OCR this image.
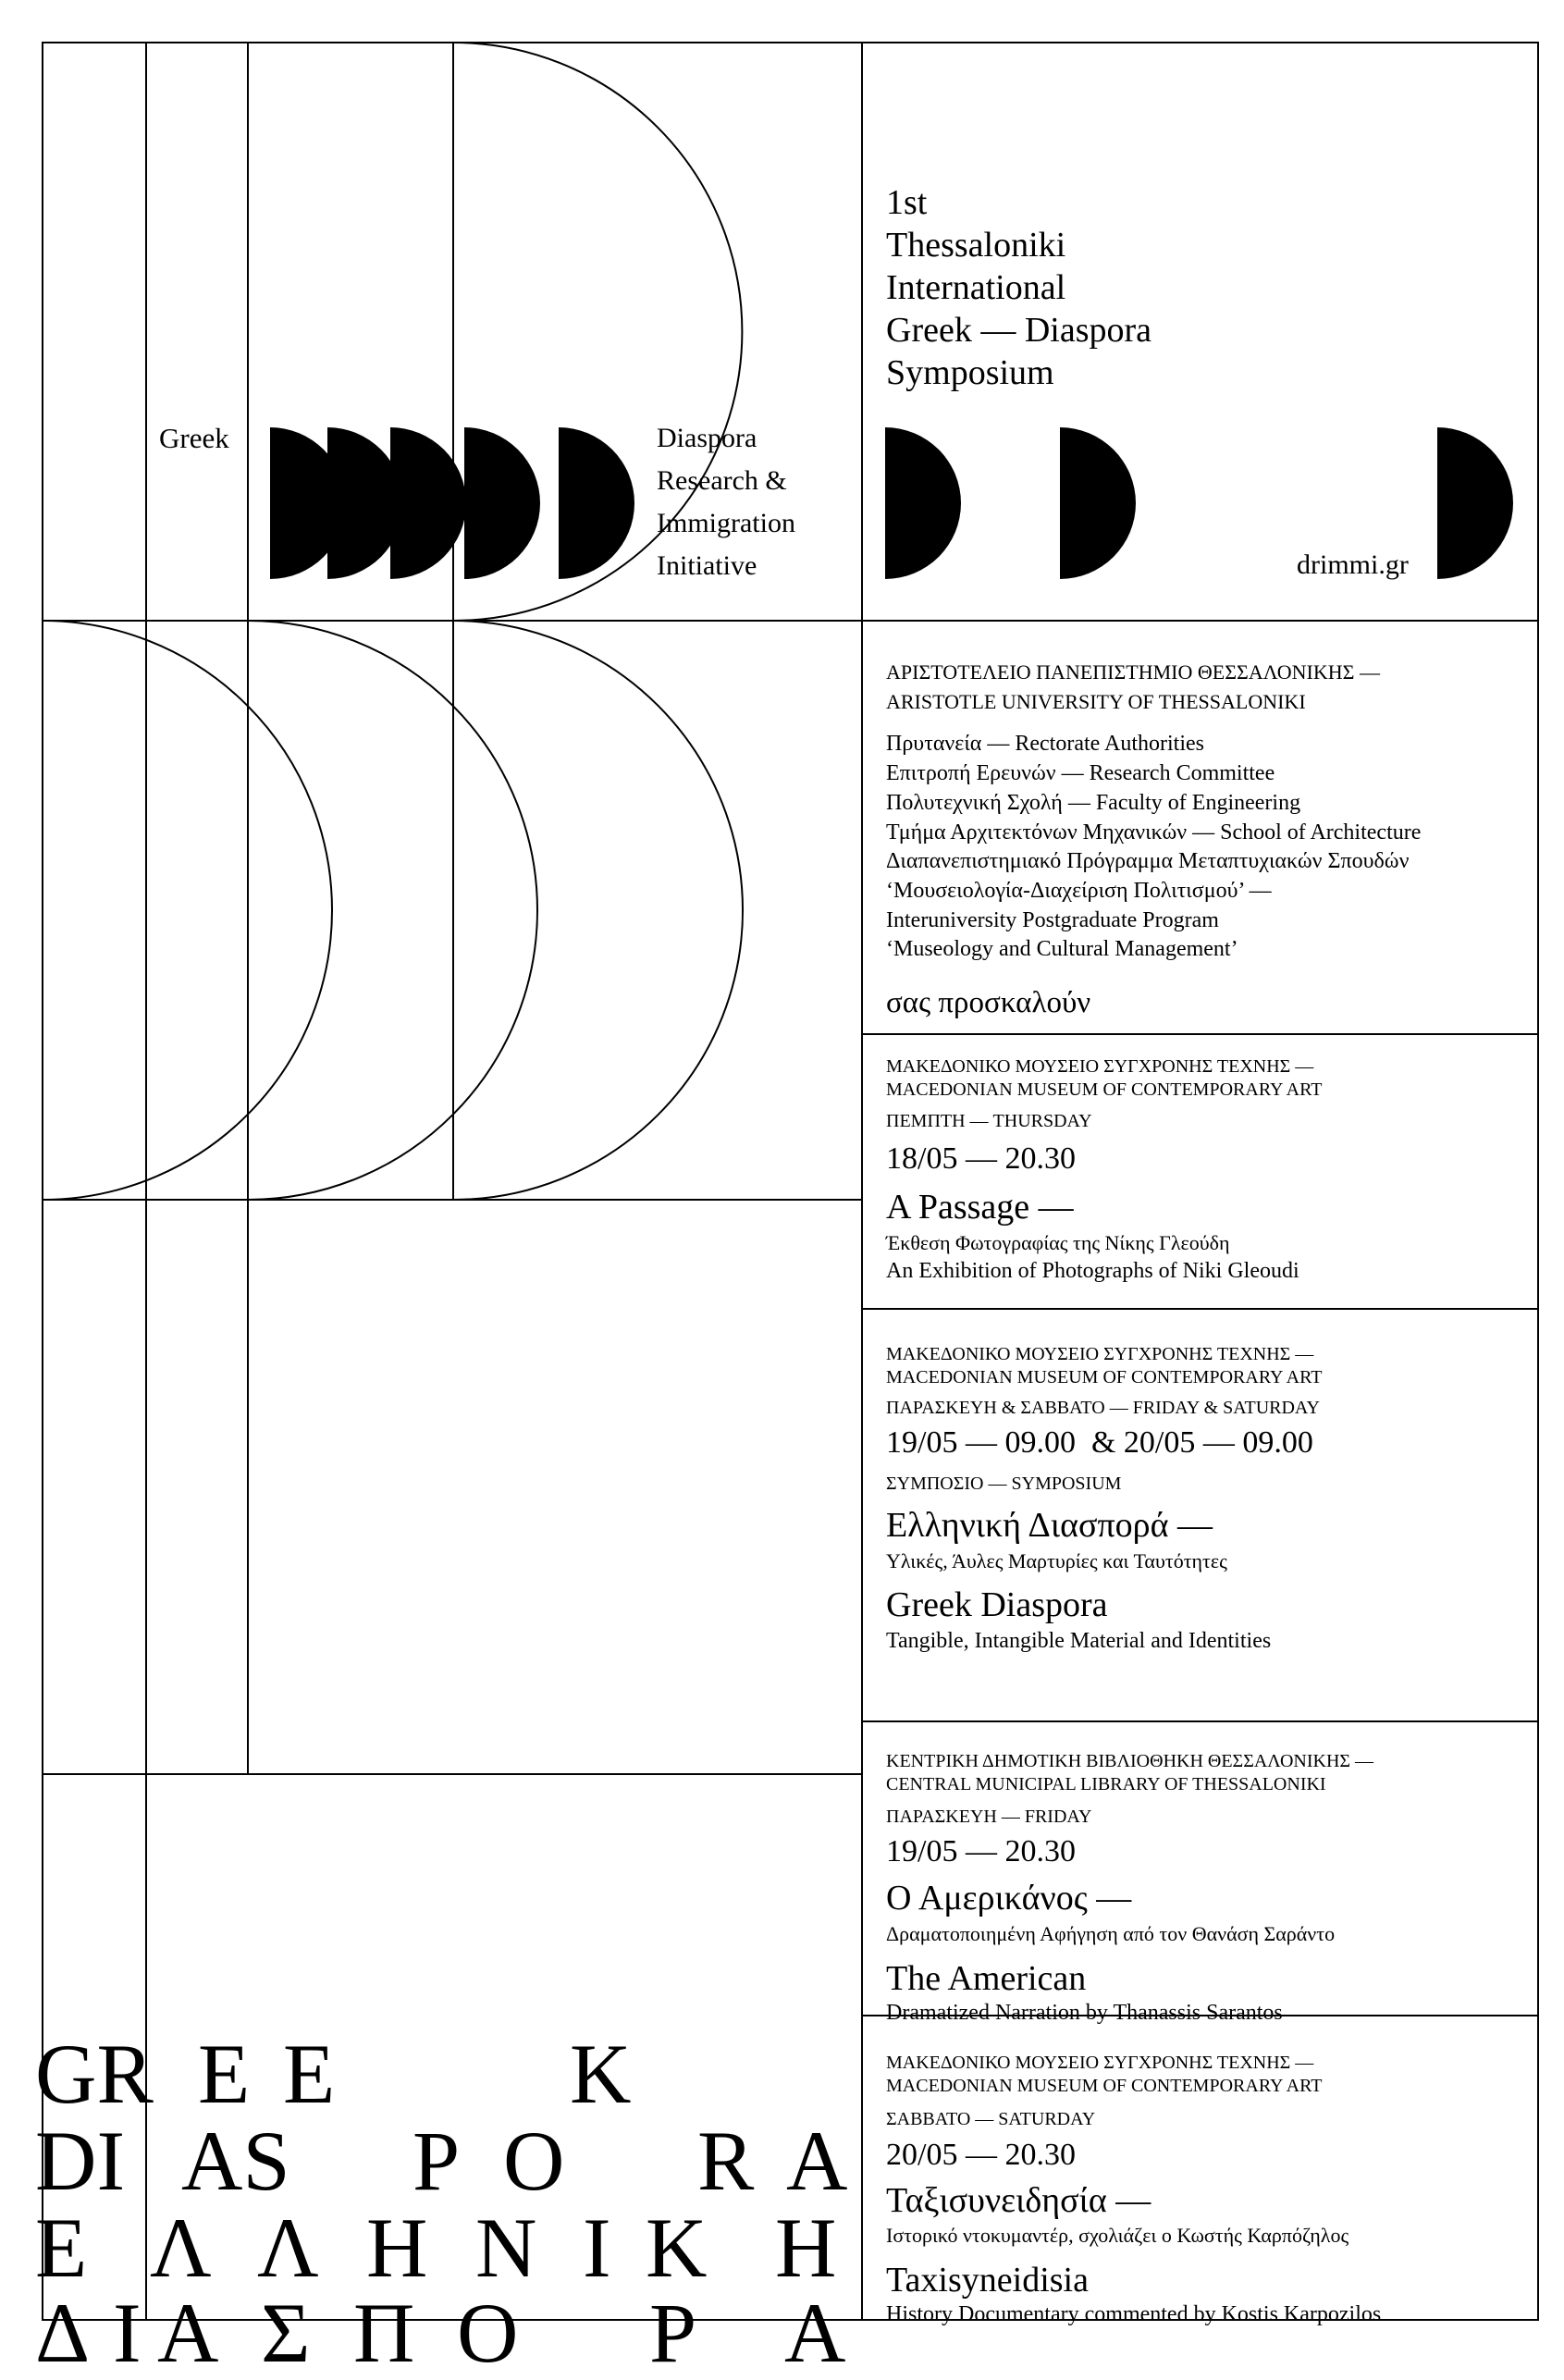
1st
Thessaloniki
International
Greek — Diaspora
Symposium
Greek	Diaspora
Research &
Immigration
Initiative	drimmi.gr
ΑΡΙΣΤΟΤΕΛΕΙΟ ΠΑΝΕΠΙΣΤΗΜΙΟ ΘΕΣΣΑΛΟΝΙΚΗΣ —
ARISTOTLE UNIVERSITY OF THESSALONIKI
Πρυτανεία — Rectorate Authorities
Επιτροπή Ερευνών — Research Committee
Πολυτεχνική Σχολή — Faculty of Engineering
Τμήμα Αρχιτεκτόνων Μηχανικών — School of Architecture
Διαπανεπιστημιακό Πρόγραμμα Μεταπτυχιακών Σπουδών
‘Μουσειολογία-Διαχείριση Πολιτισμού’ —
Interuniversity Postgraduate Program
‘Museology and Cultural Management’
σας προσκαλούν
ΜΑΚΕΔΟΝΙΚΟ ΜΟΥΣΕΙΟ ΣΥΓΧΡΟΝΗΣ ΤΕΧΝΗΣ —
MACEDONIAN MUSEUM OF CONTEMPORARY ART
ΠΕΜΠΤΗ — THURSDAY
18/05 — 20.30
A Passage —
Έκθεση Φωτογραφίας της Νίκης Γλεούδη
An Exhibition of Photographs of Niki Gleoudi
ΜΑΚΕΔΟΝΙΚΟ ΜΟΥΣΕΙΟ ΣΥΓΧΡΟΝΗΣ ΤΕΧΝΗΣ —
MACEDONIAN MUSEUM OF CONTEMPORARY ART
ΠΑΡΑΣΚΕΥΗ & ΣΑΒΒΑΤΟ — FRIDAY & SATURDAY
19/05 — 09.00  & 20/05 — 09.00
ΣΥΜΠΟΣΙΟ — SYMPOSIUM
Ελληνική Διασπορά —
Υλικές, Άυλες Μαρτυρίες και Ταυτότητες
Greek Diaspora
Tangible, Intangible Material and Identities
ΚΕΝΤΡΙΚΗ ΔΗΜΟΤΙΚΗ ΒΙΒΛΙΟΘΗΚΗ ΘΕΣΣΑΛΟΝΙΚΗΣ —
CENTRAL MUNICIPAL LIBRARY OF THESSALONIKI
ΠΑΡΑΣΚΕΥΗ — FRIDAY
19/05 — 20.30
Ο Αμερικάνος —
Δραματοποιημένη Αφήγηση από τον Θανάση Σαράντο
The American
Dramatized Narration by Thanassis Sarantos
ΜΑΚΕΔΟΝΙΚΟ ΜΟΥΣΕΙΟ ΣΥΓΧΡΟΝΗΣ ΤΕΧΝΗΣ —
MACEDONIAN MUSEUM OF CONTEMPORARY ART
ΣΑΒΒΑΤΟ — SATURDAY
20/05 — 20.30
Ταξισυνειδησία —
Ιστορικό ντοκυμαντέρ, σχολιάζει ο Κωστής Καρπόζηλος
Taxisyneidisia
History Documentary commented by Kostis Karpozilos
GR E E	K
DI AS P O R A
Ε Λ Λ Η Ν Ι Κ Η
Δ Ι Α Σ Π Ο Ρ Α
